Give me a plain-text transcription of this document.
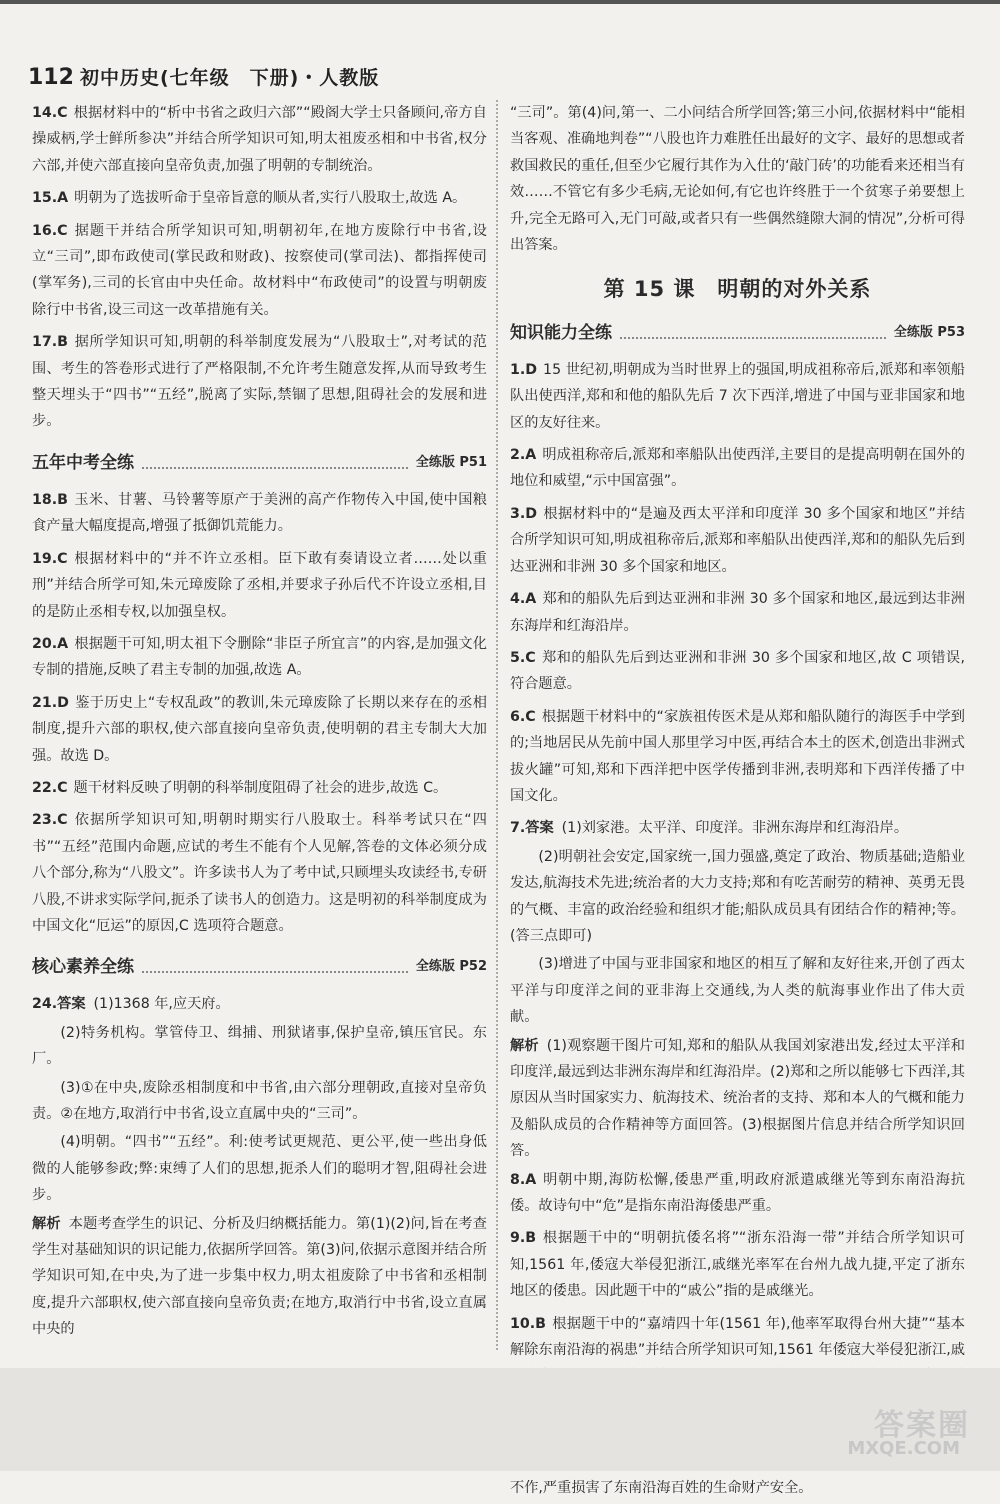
112 初中历史(七年级　下册)・人教版

14.C 根据材料中的“析中书省之政归六部”“殿阁大学士只备顾问,帝方自操威柄,学士鲜所参决”并结合所学知识可知,明太祖废丞相和中书省,权分六部,并使六部直接向皇帝负责,加强了明朝的专制统治。

15.A 明朝为了选拔听命于皇帝旨意的顺从者,实行八股取士,故选 A。

16.C 据题干并结合所学知识可知,明朝初年,在地方废除行中书省,设立“三司”,即布政使司(掌民政和财政)、按察使司(掌司法)、都指挥使司(掌军务),三司的长官由中央任命。故材料中“布政使司”的设置与明朝废除行中书省,设三司这一改革措施有关。

17.B 据所学知识可知,明朝的科举制度发展为“八股取士”,对考试的范围、考生的答卷形式进行了严格限制,不允许考生随意发挥,从而导致考生整天埋头于“四书”“五经”,脱离了实际,禁锢了思想,阻碍社会的发展和进步。

五年中考全练	全练版 P51

18.B 玉米、甘薯、马铃薯等原产于美洲的高产作物传入中国,使中国粮食产量大幅度提高,增强了抵御饥荒能力。

19.C 根据材料中的“并不许立丞相。臣下敢有奏请设立者……处以重刑”并结合所学可知,朱元璋废除了丞相,并要求子孙后代不许设立丞相,目的是防止丞相专权,以加强皇权。

20.A 根据题干可知,明太祖下令删除“非臣子所宜言”的内容,是加强文化专制的措施,反映了君主专制的加强,故选 A。

21.D 鉴于历史上“专权乱政”的教训,朱元璋废除了长期以来存在的丞相制度,提升六部的职权,使六部直接向皇帝负责,使明朝的君主专制大大加强。故选 D。

22.C 题干材料反映了明朝的科举制度阻碍了社会的进步,故选 C。

23.C 依据所学知识可知,明朝时期实行八股取士。科举考试只在“四书”“五经”范围内命题,应试的考生不能有个人见解,答卷的文体必须分成八个部分,称为“八股文”。许多读书人为了考中试,只顾埋头攻读经书,专研八股,不讲求实际学问,扼杀了读书人的创造力。这是明初的科举制度成为中国文化“厄运”的原因,C 选项符合题意。

核心素养全练	全练版 P52

24.答案 (1)1368 年,应天府。

(2)特务机构。掌管侍卫、缉捕、刑狱诸事,保护皇帝,镇压官民。东厂。

(3)①在中央,废除丞相制度和中书省,由六部分理朝政,直接对皇帝负责。②在地方,取消行中书省,设立直属中央的“三司”。

(4)明朝。“四书”“五经”。利:使考试更规范、更公平,使一些出身低微的人能够参政;弊:束缚了人们的思想,扼杀人们的聪明才智,阻碍社会进步。

解析 本题考查学生的识记、分析及归纳概括能力。第(1)(2)问,旨在考查学生对基础知识的识记能力,依据所学回答。第(3)问,依据示意图并结合所学知识可知,在中央,为了进一步集中权力,明太祖废除了中书省和丞相制度,提升六部职权,使六部直接向皇帝负责;在地方,取消行中书省,设立直属中央的

“三司”。第(4)问,第一、二小问结合所学回答;第三小问,依据材料中“能相当客观、准确地判卷”“八股也许力难胜任出最好的文字、最好的思想或者救国救民的重任,但至少它履行其作为入仕的‘敲门砖’的功能看来还相当有效……不管它有多少毛病,无论如何,有它也许终胜于一个贫寒子弟要想上升,完全无路可入,无门可敲,或者只有一些偶然缝隙大洞的情况”,分析可得出答案。

第 15 课　明朝的对外关系
知识能力全练	全练版 P53

1.D 15 世纪初,明朝成为当时世界上的强国,明成祖称帝后,派郑和率领船队出使西洋,郑和和他的船队先后 7 次下西洋,增进了中国与亚非国家和地区的友好往来。

2.A 明成祖称帝后,派郑和率船队出使西洋,主要目的是提高明朝在国外的地位和威望,“示中国富强”。

3.D 根据材料中的“是遍及西太平洋和印度洋 30 多个国家和地区”并结合所学知识可知,明成祖称帝后,派郑和率船队出使西洋,郑和的船队先后到达亚洲和非洲 30 多个国家和地区。

4.A 郑和的船队先后到达亚洲和非洲 30 多个国家和地区,最远到达非洲东海岸和红海沿岸。

5.C 郑和的船队先后到达亚洲和非洲 30 多个国家和地区,故 C 项错误,符合题意。

6.C 根据题干材料中的“家族祖传医术是从郑和船队随行的海医手中学到的;当地居民从先前中国人那里学习中医,再结合本土的医术,创造出非洲式拔火罐”可知,郑和下西洋把中医学传播到非洲,表明郑和下西洋传播了中国文化。

7.答案 (1)刘家港。太平洋、印度洋。非洲东海岸和红海沿岸。

(2)明朝社会安定,国家统一,国力强盛,奠定了政治、物质基础;造船业发达,航海技术先进;统治者的大力支持;郑和有吃苦耐劳的精神、英勇无畏的气概、丰富的政治经验和组织才能;船队成员具有团结合作的精神;等。(答三点即可)

(3)增进了中国与亚非国家和地区的相互了解和友好往来,开创了西太平洋与印度洋之间的亚非海上交通线,为人类的航海事业作出了伟大贡献。

解析 (1)观察题干图片可知,郑和的船队从我国刘家港出发,经过太平洋和印度洋,最远到达非洲东海岸和红海沿岸。(2)郑和之所以能够七下西洋,其原因从当时国家实力、航海技术、统治者的支持、郑和本人的气概和能力及船队成员的合作精神等方面回答。(3)根据图片信息并结合所学知识回答。

8.A 明朝中期,海防松懈,倭患严重,明政府派遣戚继光等到东南沿海抗倭。故诗句中“危”是指东南沿海倭患严重。

9.B 根据题干中的“明朝抗倭名将”“浙东沿海一带”并结合所学知识可知,1561 年,倭寇大举侵犯浙江,戚继光率军在台州九战九捷,平定了浙东地区的倭患。因此题干中的“戚公”指的是戚继光。

10.B 根据题干中的“嘉靖四十年(1561 年),他率军取得台州大捷”“基本解除东南沿海的祸患”并结合所学知识可知,1561 年倭寇大举侵犯浙江,戚

不作,严重损害了东南沿海百姓的生命财产安全。

答案圈
MXQE.COM
